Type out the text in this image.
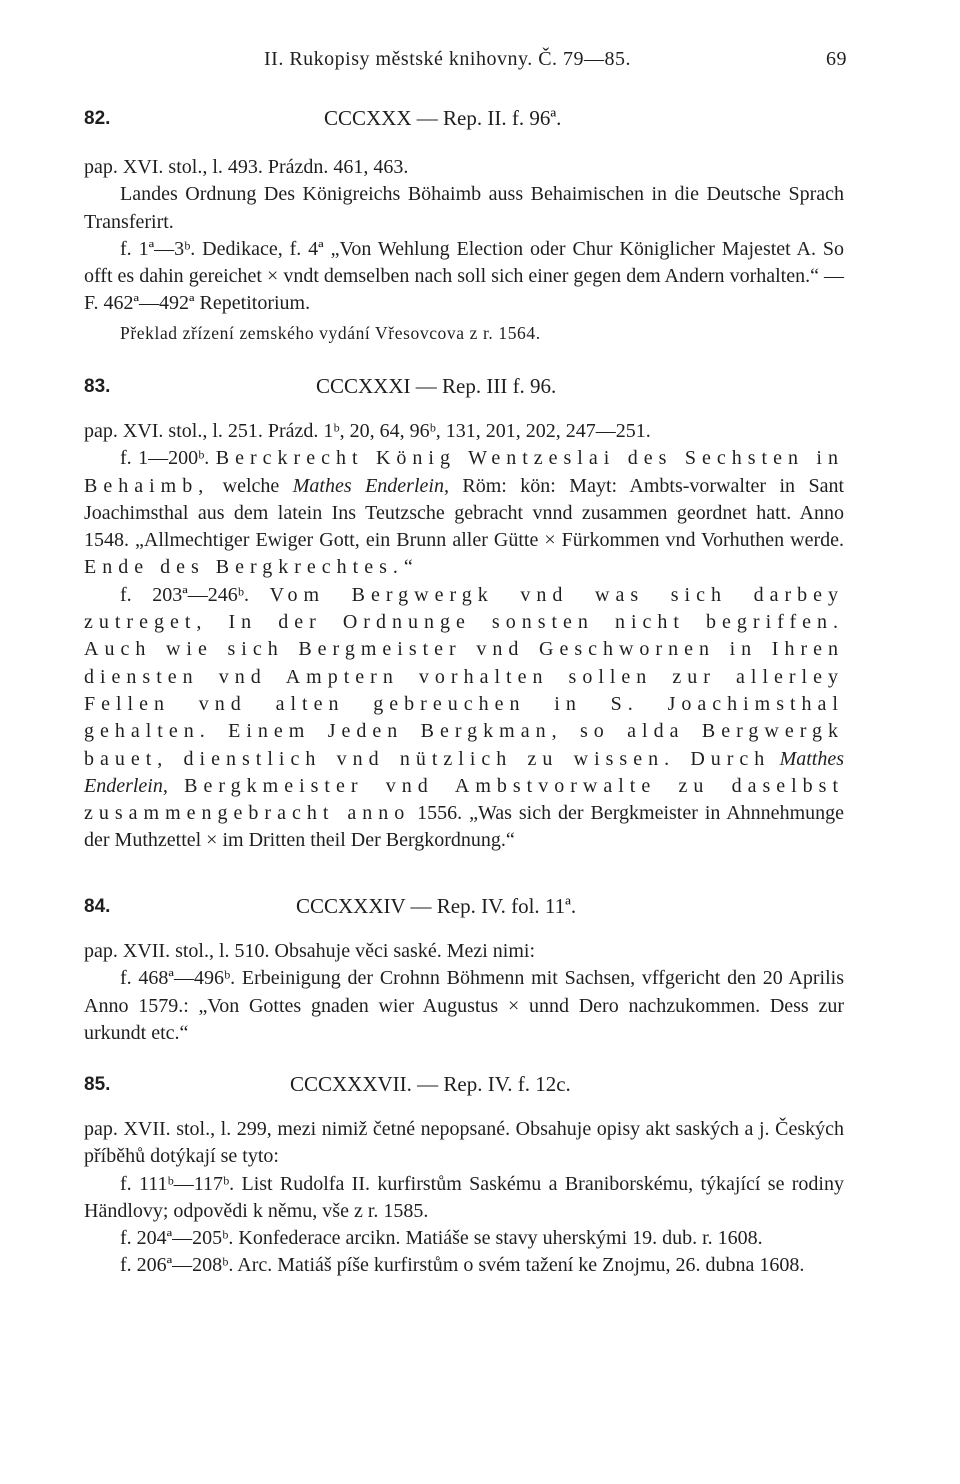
II. Rukopisy městské knihovny. Č. 79—85.	69
82.	CCCXXX — Rep. II. f. 96ª.

pap. XVI. stol., l. 493. Prázdn. 461, 463.

Landes Ordnung Des Königreichs Böhaimb auss Behaimischen in die Deutsche Sprach Transferirt.

f. 1ª—3ᵇ. Dedikace, f. 4ª „Von Wehlung Election oder Chur Königlicher Majestet A. So offt es dahin gereichet × vndt demselben nach soll sich einer gegen dem Andern vorhalten.“ — F. 462ª—492ª Repetitorium.

Překlad zřízení zemského vydání Vřesovcova z r. 1564.

83.	CCCXXXI — Rep. III f. 96.

pap. XVI. stol., l. 251. Prázd. 1ᵇ, 20, 64, 96ᵇ, 131, 201, 202, 247—251.

f. 1—200ᵇ. Berckrecht König Wentzeslai des Sechsten in Behaimb, welche Mathes Enderlein, Röm: kön: Mayt: Ambts-vorwalter in Sant Joachimsthal aus dem latein Ins Teutzsche gebracht vnnd zusammen geordnet hatt. Anno 1548. „Allmechtiger Ewiger Gott, ein Brunn aller Gütte × Fürkommen vnd Vorhuthen werde. Ende des Bergkrechtes.“

f. 203ª—246ᵇ. Vom Bergwergk vnd was sich darbey zutreget, In der Ordnunge sonsten nicht begriffen. Auch wie sich Bergmeister vnd Geschwornen in Ihren diensten vnd Amptern vorhalten sollen zur allerley Fellen vnd alten gebreuchen in S. Joachimsthal gehalten. Einem Jeden Bergkman, so alda Bergwergk bauet, dienstlich vnd nützlich zu wissen. Durch Matthes Enderlein, Bergkmeister vnd Ambstvorwalte zu daselbst zusammengebracht anno 1556. „Was sich der Bergkmeister in Ahnnehmunge der Muthzettel × im Dritten theil Der Bergkordnung.“

84.	CCCXXXIV — Rep. IV. fol. 11ª.

pap. XVII. stol., l. 510. Obsahuje věci saské. Mezi nimi:

f. 468ª—496ᵇ. Erbeinigung der Crohnn Böhmenn mit Sachsen, vffgericht den 20 Aprilis Anno 1579.: „Von Gottes gnaden wier Augustus × unnd Dero nachzukommen. Dess zur urkundt etc.“

85.	CCCXXXVII. — Rep. IV. f. 12c.

pap. XVII. stol., l. 299, mezi nimiž četné nepopsané. Obsahuje opisy akt saských a j. Českých příběhů dotýkají se tyto:

f. 111ᵇ—117ᵇ. List Rudolfa II. kurfirstům Saskému a Braniborskému, týkající se rodiny Händlovy; odpovědi k němu, vše z r. 1585.

f. 204ª—205ᵇ. Konfederace arcikn. Matiáše se stavy uherskými 19. dub. r. 1608.

f. 206ª—208ᵇ. Arc. Matiáš píše kurfirstům o svém tažení ke Znojmu, 26. dubna 1608.
